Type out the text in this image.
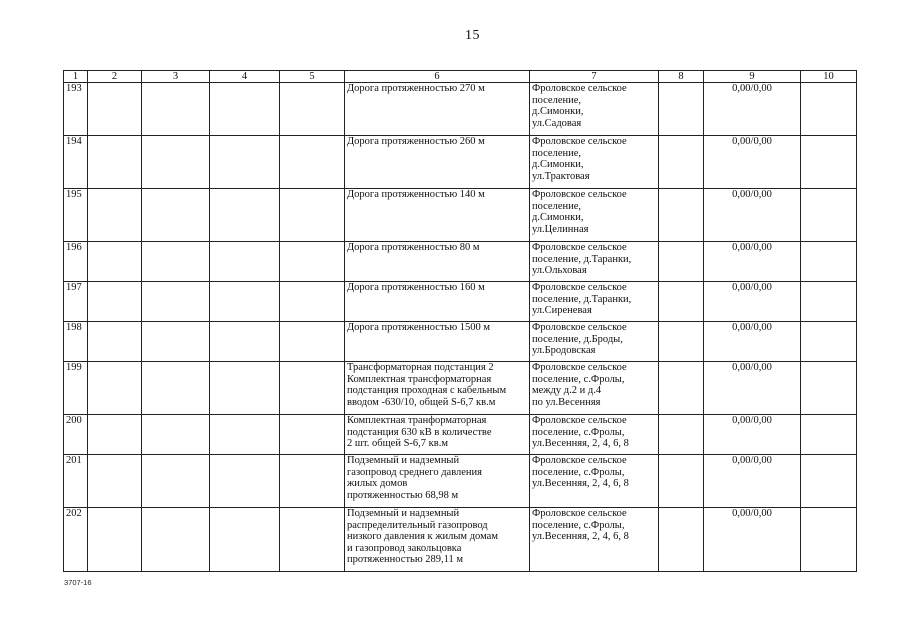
15
1	2	3	4	5	6	7	8	9	10
193					Дорога протяженностью 270 м	Фроловское сельское
поселение,
д.Симонки,
ул.Садовая		0,00/0,00	
194					Дорога протяженностью 260 м	Фроловское сельское
поселение,
д.Симонки,
ул.Трактовая		0,00/0,00	
195					Дорога протяженностью 140 м	Фроловское сельское
поселение,
д.Симонки,
ул.Целинная		0,00/0,00	
196					Дорога протяженностью 80 м	Фроловское сельское
поселение, д.Таранки,
ул.Ольховая		0,00/0,00	
197					Дорога протяженностью 160 м	Фроловское сельское
поселение, д.Таранки,
ул.Сиреневая		0,00/0,00	
198					Дорога протяженностью 1500 м	Фроловское сельское
поселение, д.Броды,
ул.Бродовская		0,00/0,00	
199					Трансформаторная подстанция 2
Комплектная трансформаторная
подстанция проходная с кабельным
вводом -630/10, общей S-6,7 кв.м	Фроловское сельское
поселение, с.Фролы,
между д.2 и д.4
по ул.Весенняя		0,00/0,00	
200					Комплектная транформаторная
подстанция 630 кВ в количестве
2 шт. общей S-6,7 кв.м	Фроловское сельское
поселение, с.Фролы,
ул.Весенняя, 2, 4, 6, 8		0,00/0,00	
201					Подземный и надземный
газопровод среднего давления
жилых домов
протяженностью 68,98 м	Фроловское сельское
поселение, с.Фролы,
ул.Весенняя, 2, 4, 6, 8		0,00/0,00	
202					Подземный и надземный
распределительный газопровод
низкого давления к жилым домам
и газопровод закольцовка
протяженностью 289,11 м	Фроловское сельское
поселение, с.Фролы,
ул.Весенняя, 2, 4, 6, 8		0,00/0,00	
3707-16
